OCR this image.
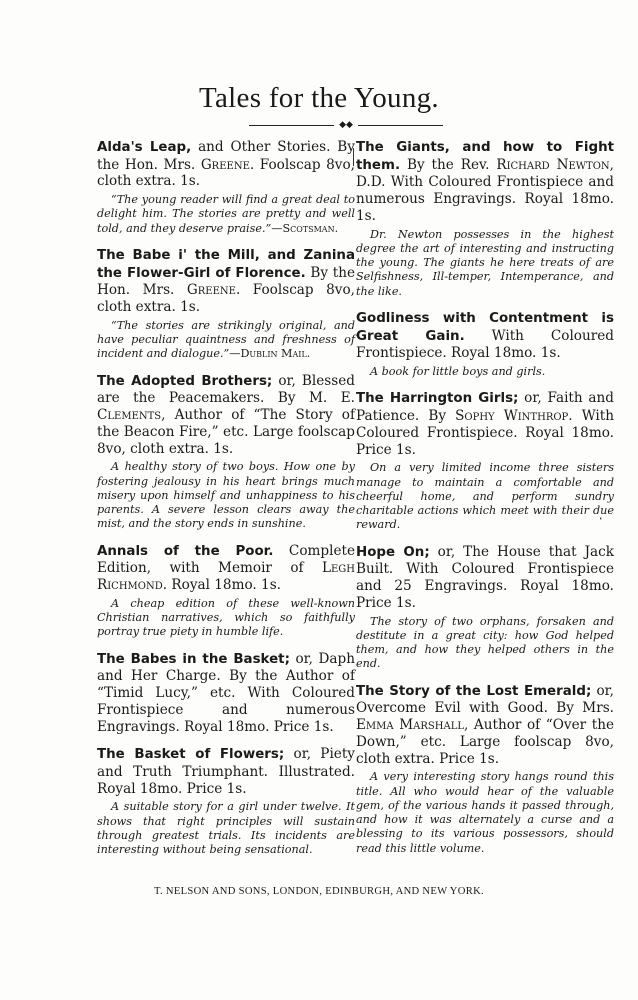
Tales for the Young.
◆◆
Alda's Leap, and Other Stories. By the Hon. Mrs. Greene. Foolscap 8vo, cloth extra. 1s.
“The young reader will find a great deal to delight him. The stories are pretty and well told, and they deserve praise.”—Scotsman.
The Babe i' the Mill, and Zanina the Flower-Girl of Florence. By the Hon. Mrs. Greene. Foolscap 8vo, cloth extra. 1s.
“The stories are strikingly original, and have peculiar quaintness and freshness of incident and dialogue.”—Dublin Mail.
The Adopted Brothers; or, Blessed are the Peacemakers. By M. E. Clements, Author of “The Story of the Beacon Fire,” etc. Large foolscap 8vo, cloth extra. 1s.
A healthy story of two boys. How one by fostering jealousy in his heart brings much misery upon himself and unhappiness to his parents. A severe lesson clears away the mist, and the story ends in sunshine.
Annals of the Poor. Complete Edition, with Memoir of Legh Richmond. Royal 18mo. 1s.
A cheap edition of these well-known Christian narratives, which so faithfully portray true piety in humble life.
The Babes in the Basket; or, Daph and Her Charge. By the Author of “Timid Lucy,” etc. With Coloured Frontispiece and numerous Engravings. Royal 18mo. Price 1s.
The Basket of Flowers; or, Piety and Truth Triumphant. Illustrated. Royal 18mo. Price 1s.
A suitable story for a girl under twelve. It shows that right principles will sustain through greatest trials. Its incidents are interesting without being sensational.
The Giants, and how to Fight them. By the Rev. Richard Newton, D.D. With Coloured Frontispiece and numerous Engravings. Royal 18mo. 1s.
Dr. Newton possesses in the highest degree the art of interesting and instructing the young. The giants he here treats of are Selfishness, Ill-temper, Intemperance, and the like.
Godliness with Contentment is Great Gain. With Coloured Frontispiece. Royal 18mo. 1s.
A book for little boys and girls.
The Harrington Girls; or, Faith and Patience. By Sophy Winthrop. With Coloured Frontispiece. Royal 18mo. Price 1s.
On a very limited income three sisters manage to maintain a comfortable and cheerful home, and perform sundry charitable actions which meet with their due reward.
Hope On; or, The House that Jack Built. With Coloured Frontispiece and 25 Engravings. Royal 18mo. Price 1s.
The story of two orphans, forsaken and destitute in a great city: how God helped them, and how they helped others in the end.
The Story of the Lost Emerald; or, Overcome Evil with Good. By Mrs. Emma Marshall, Author of “Over the Down,” etc. Large foolscap 8vo, cloth extra. Price 1s.
A very interesting story hangs round this title. All who would hear of the valuable gem, of the various hands it passed through, and how it was alternately a curse and a blessing to its various possessors, should read this little volume.
‘
T. NELSON AND SONS, LONDON, EDINBURGH, AND NEW YORK.
